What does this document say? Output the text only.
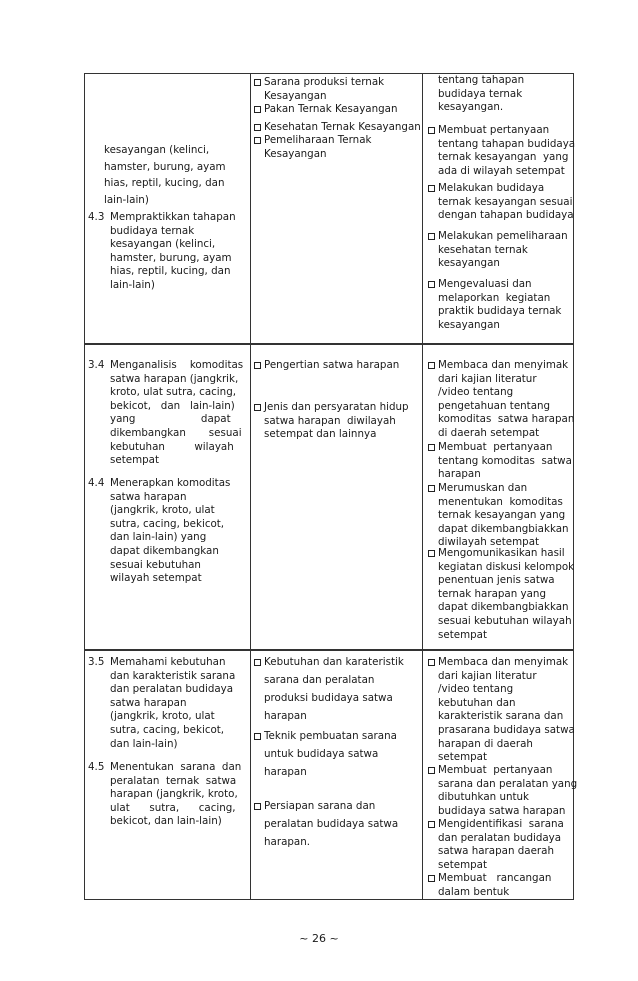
kesayangan (kelinci,
hamster, burung, ayam
hias, reptil, kucing, dan
lain-lain)
4.3 Mempraktikkan tahapan
budidaya ternak
kesayangan (kelinci,
hamster, burung, ayam
hias, reptil, kucing, dan
lain-lain)
Sarana produksi ternak
Kesayangan
Pakan Ternak Kesayangan
Kesehatan Ternak Kesayangan
Pemeliharaan Ternak
Kesayangan
tentang tahapan
budidaya ternak
kesayangan.
Membuat pertanyaan
tentang tahapan budidaya
ternak kesayangan  yang
ada di wilayah setempat
Melakukan budidaya
ternak kesayangan sesuai
dengan tahapan budidaya
Melakukan pemeliharaan
kesehatan ternak
kesayangan
Mengevaluasi dan
melaporkan  kegiatan
praktik budidaya ternak
kesayangan
3.4 Menganalisis    komoditas
satwa harapan (jangkrik,
kroto, ulat sutra, cacing,
bekicot,   dan   lain-lain)
yang                    dapat
dikembangkan       sesuai
kebutuhan         wilayah
setempat
4.4 Menerapkan komoditas
satwa harapan
(jangkrik, kroto, ulat
sutra, cacing, bekicot,
dan lain-lain) yang
dapat dikembangkan
sesuai kebutuhan
wilayah setempat
Pengertian satwa harapan
Jenis dan persyaratan hidup
satwa harapan  diwilayah
setempat dan lainnya
Membaca dan menyimak
dari kajian literatur
/video tentang
pengetahuan tentang
komoditas  satwa harapan
di daerah setempat
Membuat  pertanyaan
tentang komoditas  satwa
harapan
Merumuskan dan
menentukan  komoditas
ternak kesayangan yang
dapat dikembangbiakkan
diwilayah setempat
Mengomunikasikan hasil
kegiatan diskusi kelompok
penentuan jenis satwa
ternak harapan yang
dapat dikembangbiakkan
sesuai kebutuhan wilayah
setempat
3.5 Memahami kebutuhan
dan karakteristik sarana
dan peralatan budidaya
satwa harapan
(jangkrik, kroto, ulat
sutra, cacing, bekicot,
dan lain-lain)
4.5 Menentukan  sarana  dan
peralatan  ternak  satwa
harapan (jangkrik, kroto,
ulat      sutra,      cacing,
bekicot, dan lain-lain)
Kebutuhan dan karateristik
sarana dan peralatan
produksi budidaya satwa
harapan
Teknik pembuatan sarana
untuk budidaya satwa
harapan
Persiapan sarana dan
peralatan budidaya satwa
harapan.
Membaca dan menyimak
dari kajian literatur
/video tentang
kebutuhan dan
karakteristik sarana dan
prasarana budidaya satwa
harapan di daerah
setempat
Membuat  pertanyaan
sarana dan peralatan yang
dibutuhkan untuk
budidaya satwa harapan
Mengidentifikasi  sarana
dan peralatan budidaya
satwa harapan daerah
setempat
Membuat   rancangan
dalam bentuk
~ 26 ~
